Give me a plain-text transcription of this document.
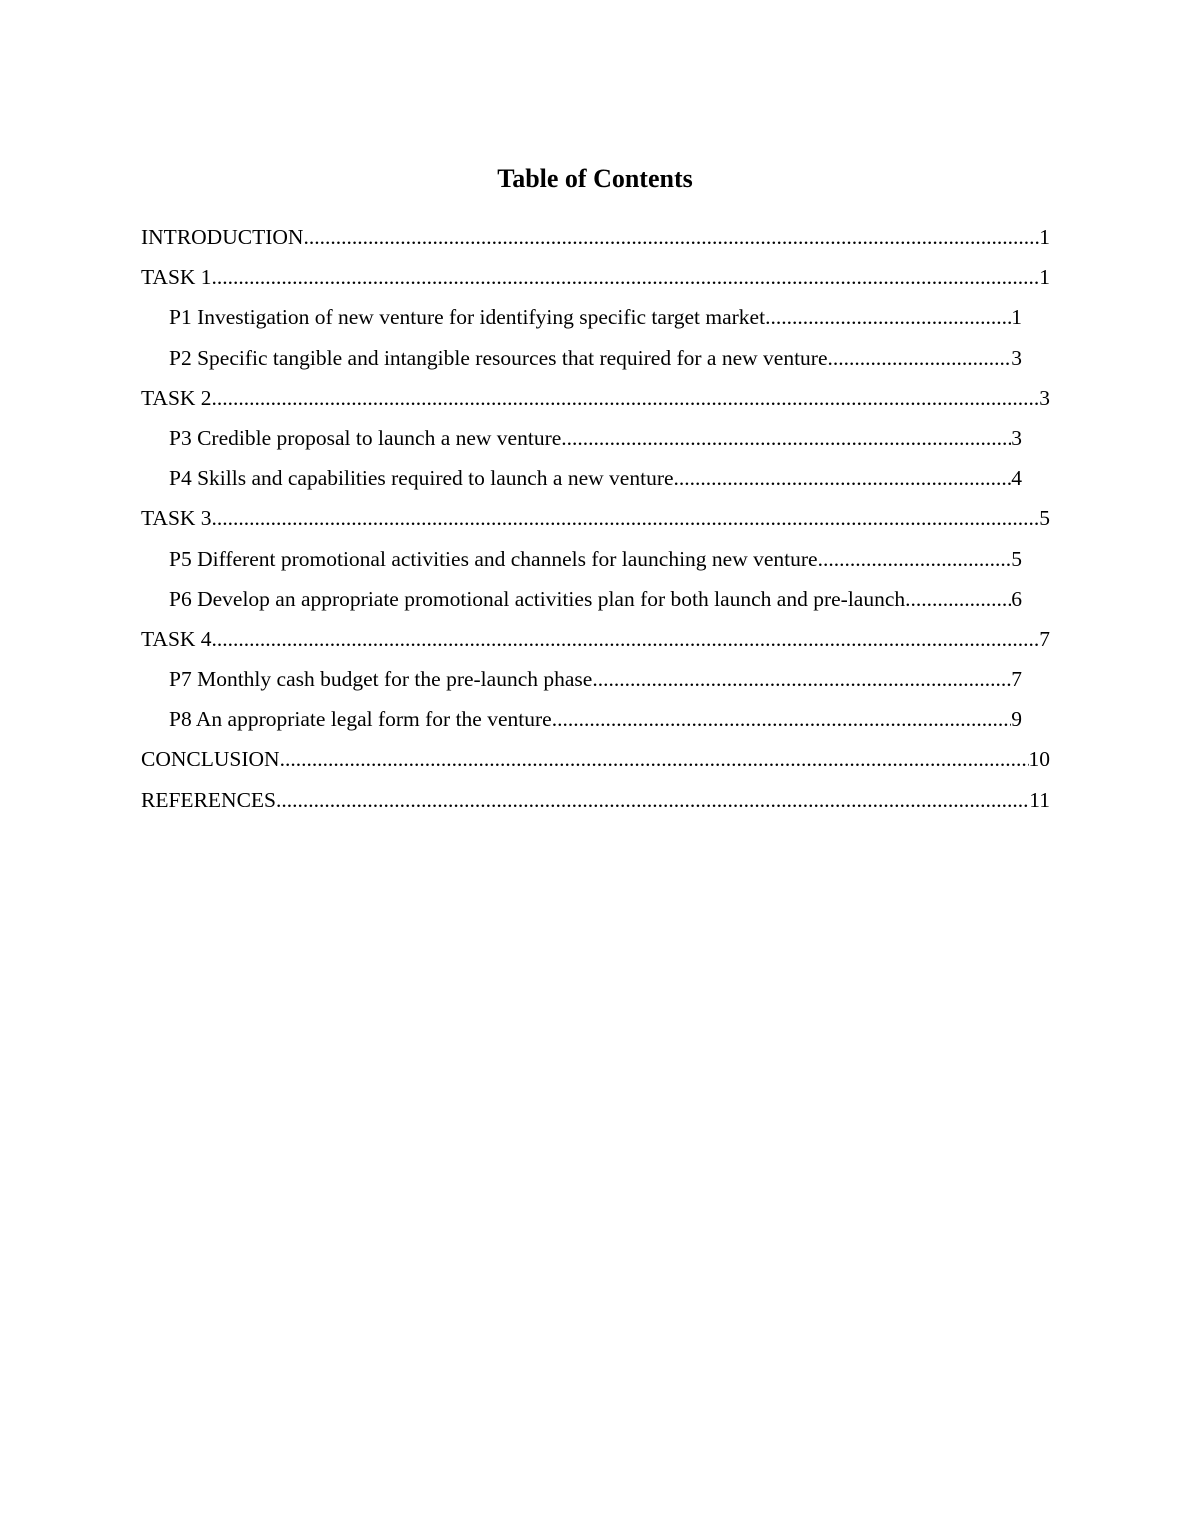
Table of Contents
INTRODUCTION .....	1
TASK 1 .....	1
P1 Investigation of new venture for identifying specific target market .....	1
P2 Specific tangible and intangible resources that required for a new venture .....	3
TASK 2 .....	3
P3 Credible proposal to launch a new venture .....	3
P4 Skills and capabilities required to launch a new venture .....	4
TASK 3 .....	5
P5 Different promotional activities and channels for launching new venture .....	5
P6 Develop an appropriate promotional activities plan for both launch and pre-launch .....	6
TASK 4 .....	7
P7 Monthly cash budget for the pre-launch phase .....	7
P8 An appropriate legal form for the venture .....	9
CONCLUSION .....	10
REFERENCES .....	11
